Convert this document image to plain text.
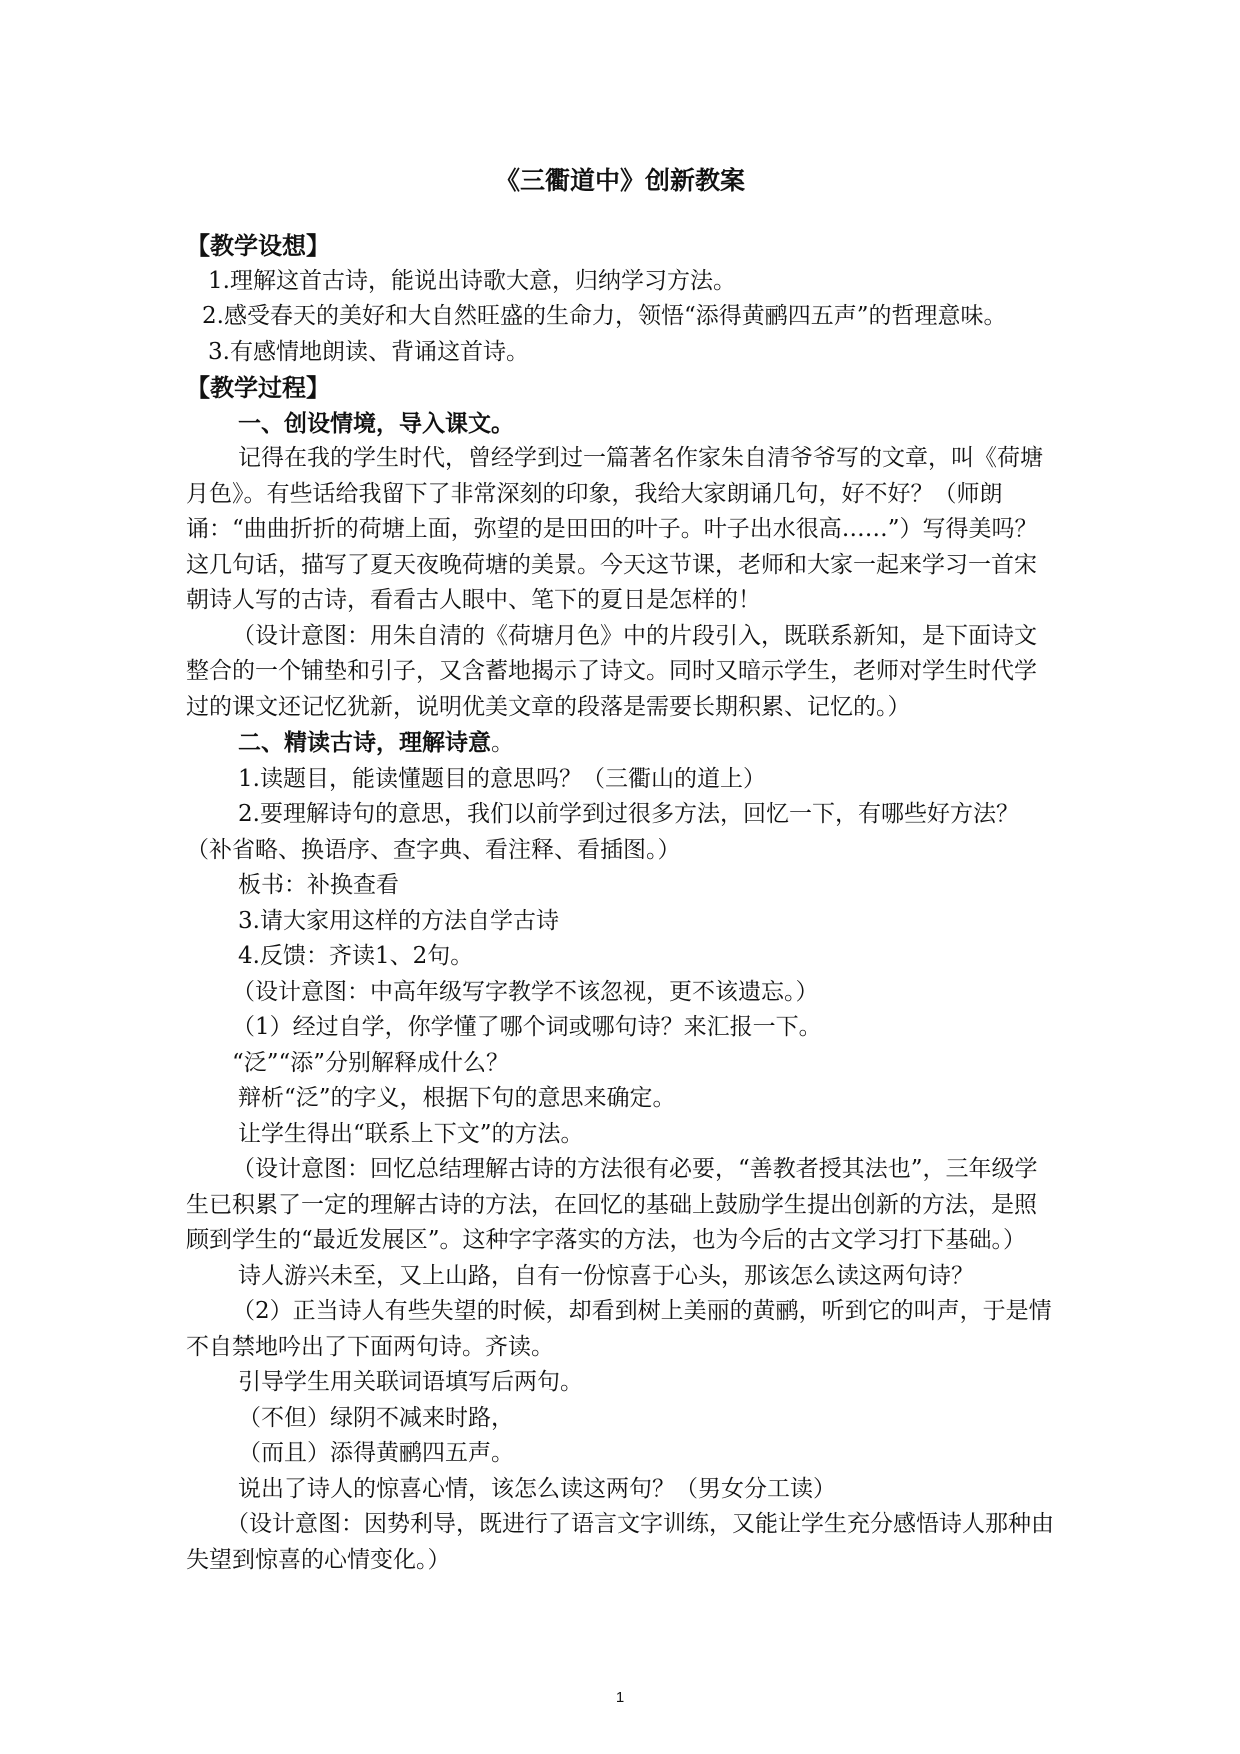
《三衢道中》创新教案

【教学设想】

1.理解这首古诗，能说出诗歌大意，归纳学习方法。

2.感受春天的美好和大自然旺盛的生命力，领悟“添得黄鹂四五声”的哲理意味。

3.有感情地朗读、背诵这首诗。

【教学过程】

一、创设情境，导入课文。

记得在我的学生时代，曾经学到过一篇著名作家朱自清爷爷写的文章，叫《荷塘月色》。有些话给我留下了非常深刻的印象，我给大家朗诵几句，好不好？（师朗诵：“曲曲折折的荷塘上面，弥望的是田田的叶子。叶子出水很高……”）写得美吗？这几句话，描写了夏天夜晚荷塘的美景。今天这节课，老师和大家一起来学习一首宋朝诗人写的古诗，看看古人眼中、笔下的夏日是怎样的！

（设计意图：用朱自清的《荷塘月色》中的片段引入，既联系新知，是下面诗文整合的一个铺垫和引子，又含蓄地揭示了诗文。同时又暗示学生，老师对学生时代学过的课文还记忆犹新，说明优美文章的段落是需要长期积累、记忆的。）

二、精读古诗，理解诗意。

1.读题目，能读懂题目的意思吗？（三衢山的道上）

2.要理解诗句的意思，我们以前学到过很多方法，回忆一下，有哪些好方法？（补省略、换语序、查字典、看注释、看插图。）

板书：补换查看

3.请大家用这样的方法自学古诗

4.反馈：齐读1、2句。

（设计意图：中高年级写字教学不该忽视，更不该遗忘。）

（1）经过自学，你学懂了哪个词或哪句诗？来汇报一下。

“泛”“添”分别解释成什么？

辩析“泛”的字义，根据下句的意思来确定。

让学生得出“联系上下文”的方法。

（设计意图：回忆总结理解古诗的方法很有必要，“善教者授其法也”，三年级学生已积累了一定的理解古诗的方法，在回忆的基础上鼓励学生提出创新的方法，是照顾到学生的“最近发展区”。这种字字落实的方法，也为今后的古文学习打下基础。）

诗人游兴未至，又上山路，自有一份惊喜于心头，那该怎么读这两句诗？

（2）正当诗人有些失望的时候，却看到树上美丽的黄鹂，听到它的叫声，于是情不自禁地吟出了下面两句诗。齐读。

引导学生用关联词语填写后两句。

（不但）绿阴不减来时路，

（而且）添得黄鹂四五声。

说出了诗人的惊喜心情，该怎么读这两句？（男女分工读）

（设计意图：因势利导，既进行了语言文字训练，又能让学生充分感悟诗人那种由失望到惊喜的心情变化。）

1
